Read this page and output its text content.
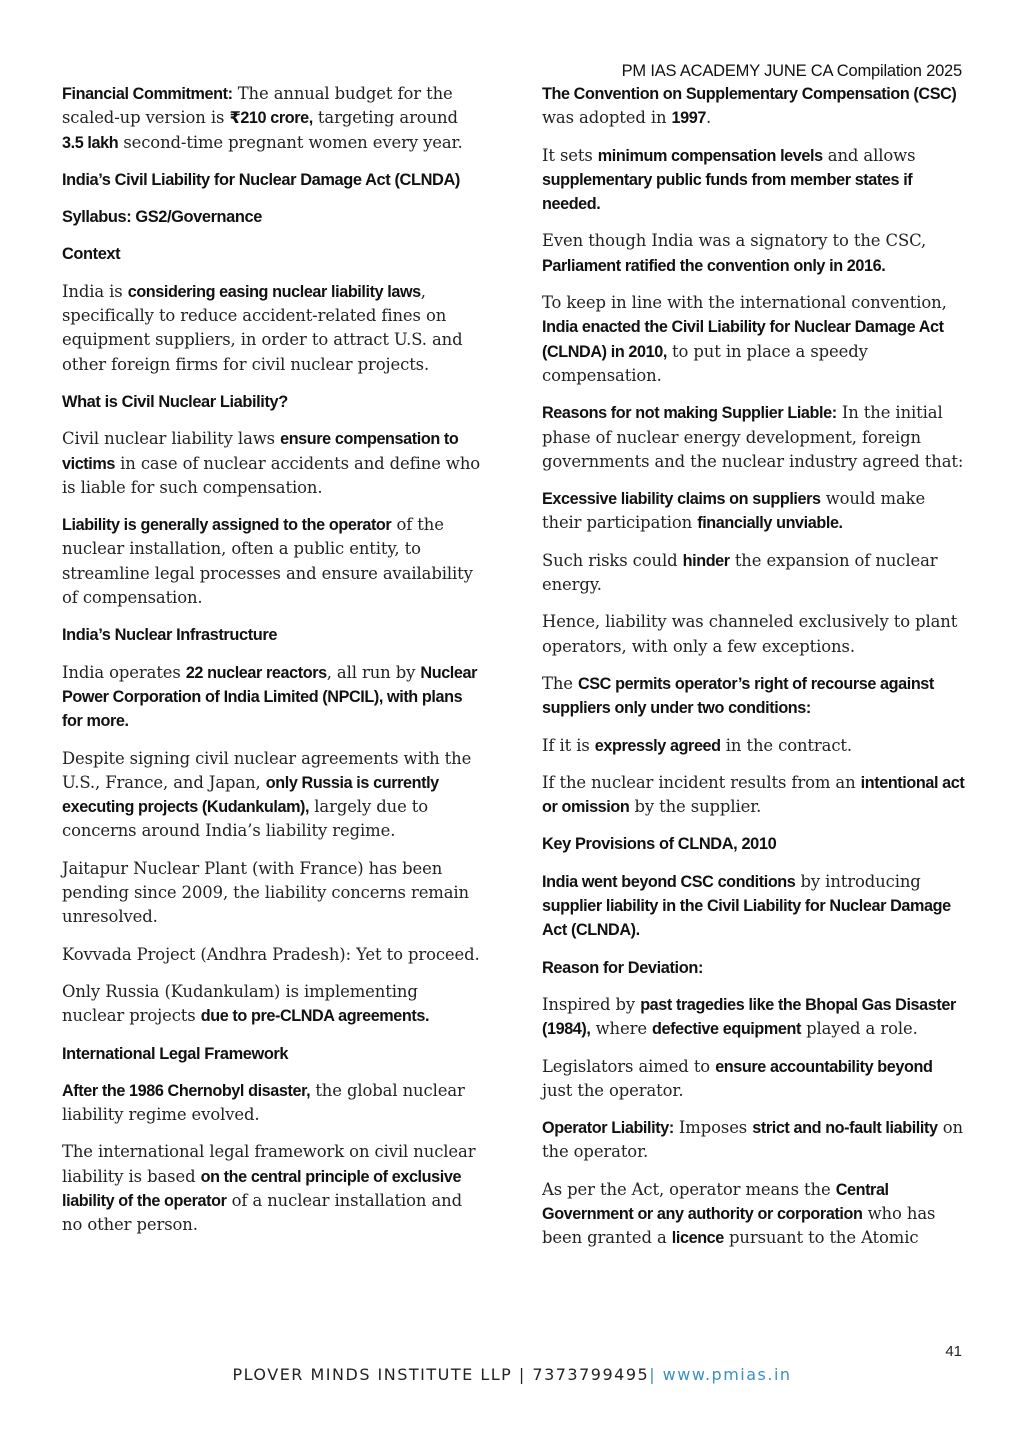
PM IAS ACADEMY JUNE CA Compilation 2025

Financial Commitment: The annual budget for the scaled-up version is ₹210 crore, targeting around 3.5 lakh second-time pregnant women every year.

India’s Civil Liability for Nuclear Damage Act (CLNDA)

Syllabus: GS2/Governance

Context

India is considering easing nuclear liability laws, specifically to reduce accident-related fines on equipment suppliers, in order to attract U.S. and other foreign firms for civil nuclear projects.

What is Civil Nuclear Liability?

Civil nuclear liability laws ensure compensation to victims in case of nuclear accidents and define who is liable for such compensation.

Liability is generally assigned to the operator of the nuclear installation, often a public entity, to streamline legal processes and ensure availability of compensation.

India’s Nuclear Infrastructure

India operates 22 nuclear reactors, all run by Nuclear Power Corporation of India Limited (NPCIL), with plans for more.

Despite signing civil nuclear agreements with the U.S., France, and Japan, only Russia is currently executing projects (Kudankulam), largely due to concerns around India’s liability regime.

Jaitapur Nuclear Plant (with France) has been pending since 2009, the liability concerns remain unresolved.

Kovvada Project (Andhra Pradesh): Yet to proceed.

Only Russia (Kudankulam) is implementing nuclear projects due to pre-CLNDA agreements.

International Legal Framework

After the 1986 Chernobyl disaster, the global nuclear liability regime evolved.

The international legal framework on civil nuclear liability is based on the central principle of exclusive liability of the operator of a nuclear installation and no other person.

The Convention on Supplementary Compensation (CSC) was adopted in 1997.

It sets minimum compensation levels and allows supplementary public funds from member states if needed.

Even though India was a signatory to the CSC, Parliament ratified the convention only in 2016.

To keep in line with the international convention, India enacted the Civil Liability for Nuclear Damage Act (CLNDA) in 2010, to put in place a speedy compensation.

Reasons for not making Supplier Liable: In the initial phase of nuclear energy development, foreign governments and the nuclear industry agreed that:

Excessive liability claims on suppliers would make their participation financially unviable.

Such risks could hinder the expansion of nuclear energy.

Hence, liability was channeled exclusively to plant operators, with only a few exceptions.

The CSC permits operator’s right of recourse against suppliers only under two conditions:

If it is expressly agreed in the contract.

If the nuclear incident results from an intentional act or omission by the supplier.

Key Provisions of CLNDA, 2010

India went beyond CSC conditions by introducing supplier liability in the Civil Liability for Nuclear Damage Act (CLNDA).

Reason for Deviation:

Inspired by past tragedies like the Bhopal Gas Disaster (1984), where defective equipment played a role.

Legislators aimed to ensure accountability beyond just the operator.

Operator Liability: Imposes strict and no-fault liability on the operator.

As per the Act, operator means the Central Government or any authority or corporation who has been granted a licence pursuant to the Atomic

41
PLOVER MINDS INSTITUTE LLP | 7373799495| www.pmias.in
